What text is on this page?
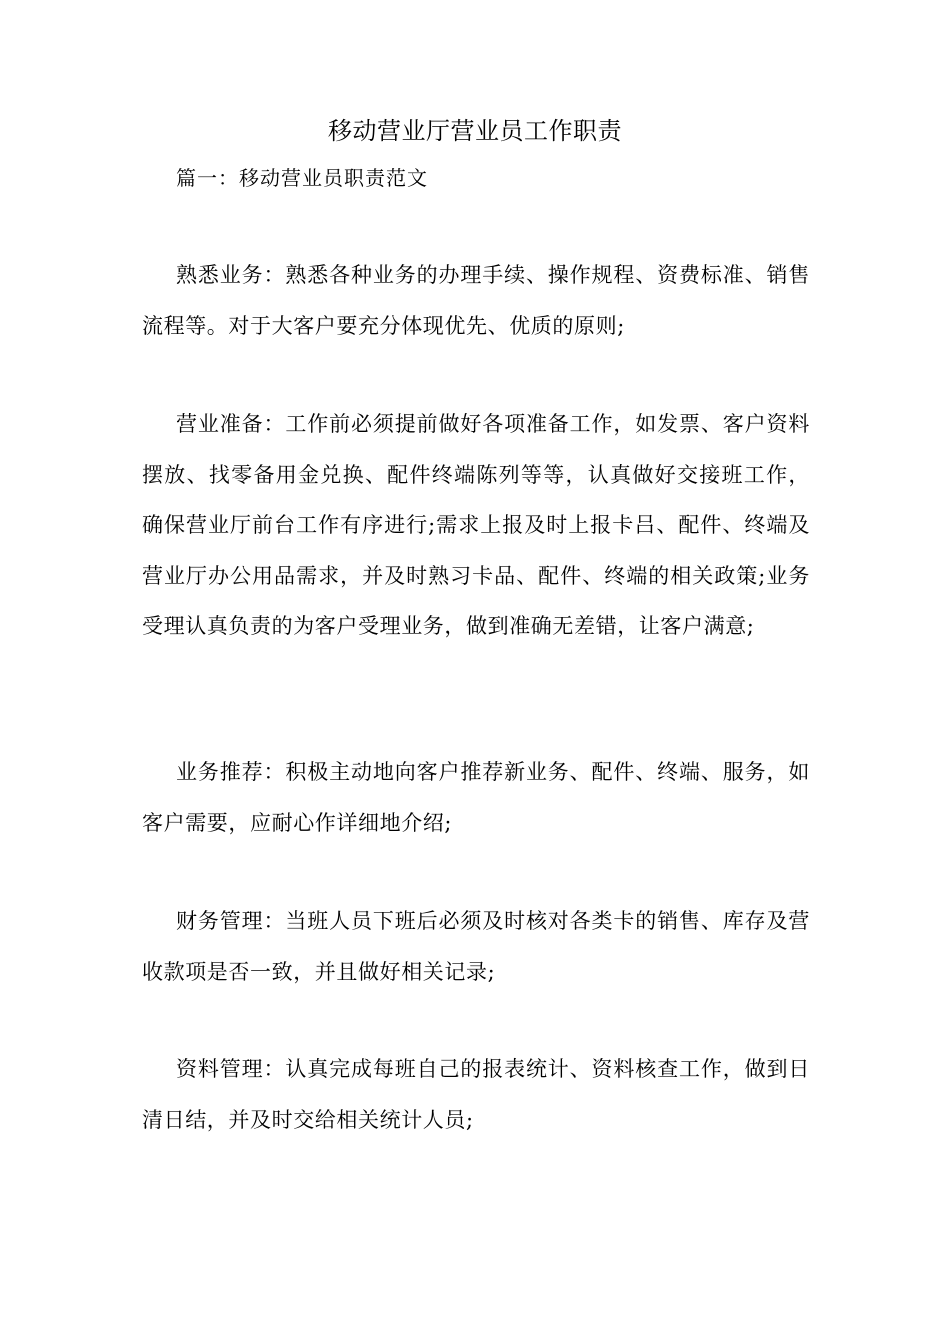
移动营业厅营业员工作职责

篇一：移动营业员职责范文

熟悉业务：熟悉各种业务的办理手续、操作规程、资费标准、销售流程等。对于大客户要充分体现优先、优质的原则;

营业准备：工作前必须提前做好各项准备工作，如发票、客户资料摆放、找零备用金兑换、配件终端陈列等等，认真做好交接班工作，确保营业厅前台工作有序进行;需求上报及时上报卡吕、配件、终端及营业厅办公用品需求，并及时熟习卡品、配件、终端的相关政策;业务受理认真负责的为客户受理业务，做到准确无差错，让客户满意;

业务推荐：积极主动地向客户推荐新业务、配件、终端、服务，如客户需要，应耐心作详细地介绍;

财务管理：当班人员下班后必须及时核对各类卡的销售、库存及营收款项是否一致，并且做好相关记录;

资料管理：认真完成每班自己的报表统计、资料核查工作，做到日清日结，并及时交给相关统计人员;
